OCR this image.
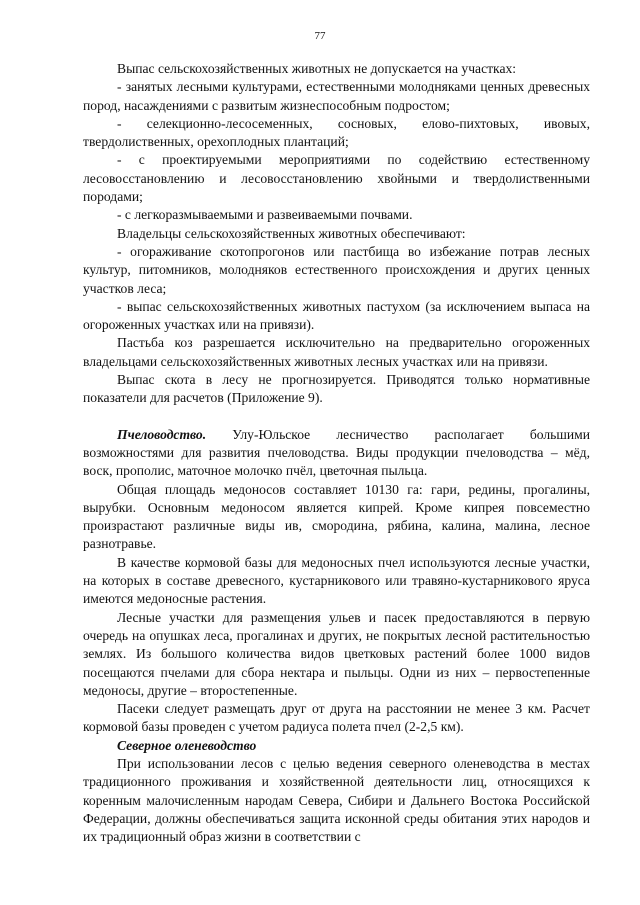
77

Выпас сельскохозяйственных животных не допускается на участках:

- занятых лесными культурами, естественными молодняками ценных древесных пород, насаждениями с развитым жизнеспособным подростом;

- селекционно-лесосеменных, сосновых, елово-пихтовых, ивовых, твердолиственных, орехоплодных плантаций;

- с проектируемыми мероприятиями по содействию естественному лесовосстановлению и лесовосстановлению хвойными и твердолиственными породами;

- с легкоразмываемыми и развеиваемыми почвами.

Владельцы сельскохозяйственных животных обеспечивают:

- огораживание скотопрогонов или пастбища во избежание потрав лесных культур, питомников, молодняков естественного происхождения и других ценных участков леса;

- выпас сельскохозяйственных животных пастухом (за исключением выпаса на огороженных участках или на привязи).

Пастьба коз разрешается исключительно на предварительно огороженных владельцами сельскохозяйственных животных лесных участках или на привязи.

Выпас скота в лесу не прогнозируется. Приводятся только нормативные показатели для расчетов (Приложение 9).

Пчеловодство. Улу-Юльское лесничество располагает большими возможностями для развития пчеловодства. Виды продукции пчеловодства – мёд, воск, прополис, маточное молочко пчёл, цветочная пыльца.

Общая площадь медоносов составляет 10130 га: гари, редины, прогалины, вырубки. Основным медоносом является кипрей. Кроме кипрея повсеместно произрастают различные виды ив, смородина, рябина, калина, малина, лесное разнотравье.

В качестве кормовой базы для медоносных пчел используются лесные участки, на которых в составе древесного, кустарникового или травяно-кустарникового яруса имеются медоносные растения.

Лесные участки для размещения ульев и пасек предоставляются в первую очередь на опушках леса, прогалинах и других, не покрытых лесной растительностью землях. Из большого количества видов цветковых растений более 1000 видов посещаются пчелами для сбора нектара и пыльцы. Одни из них – первостепенные медоносы, другие – второстепенные.

Пасеки следует размещать друг от друга на расстоянии не менее 3 км. Расчет кормовой базы проведен с учетом радиуса полета пчел (2-2,5 км).

Северное оленеводство

При использовании лесов с целью ведения северного оленеводства в местах традиционного проживания и хозяйственной деятельности лиц, относящихся к коренным малочисленным народам Севера, Сибири и Дальнего Востока Российской Федерации, должны обеспечиваться защита исконной среды обитания этих народов и их традиционный образ жизни в соответствии с
